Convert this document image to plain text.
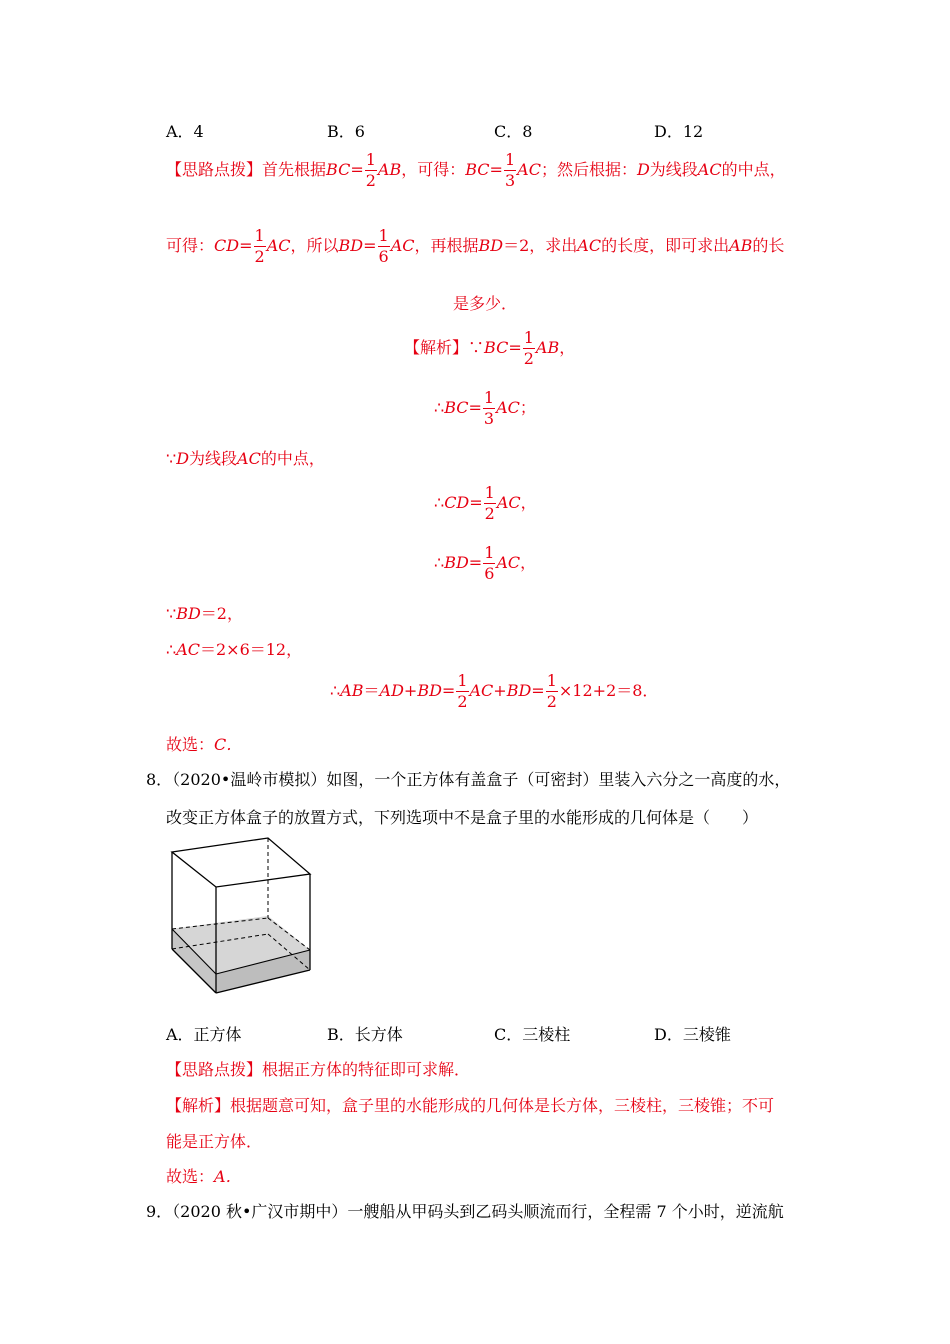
A．4	B．6	C．8	D．12
【思路点拨】首先根据$BC= \frac{1}{2}$ AB，可得：$BC= \frac{1}{3}$ AC；然后根据：D为线段AC的中点，
可得：$CD= \frac{1}{2}$ AC，所以$BD= \frac{1}{6}$ AC，再根据BD＝2，求出AC的长度，即可求出AB的长
是多少．
【解析】∵BC= $\frac{1}{2}$ AB，
∴BC= $\frac{1}{3}$ AC；
∵D为线段AC的中点，
∴CD= $\frac{1}{2}$ AC，
∴BD= $\frac{1}{6}$ AC，
∵BD＝2，
∴AC＝2×6＝12，
∴AB＝AD+BD= $\frac{1}{2} AC+BD= \frac{1}{2} \times 12+2=8$．
故选：C．
8．（2020•温岭市模拟）如图，一个正方体有盖盒子（可密封）里装入六分之一高度的水，
改变正方体盒子的放置方式，下列选项中不是盒子里的水能形成的几何体是（　　）
A．正方体	B．长方体	C．三棱柱	D．三棱锥
【思路点拨】根据正方体的特征即可求解．
【解析】根据题意可知，盒子里的水能形成的几何体是长方体，三棱柱，三棱锥；不可
能是正方体．
故选：A．
9．（2020 秋•广汉市期中）一艘船从甲码头到乙码头顺流而行，全程需 7 个小时，逆流航
